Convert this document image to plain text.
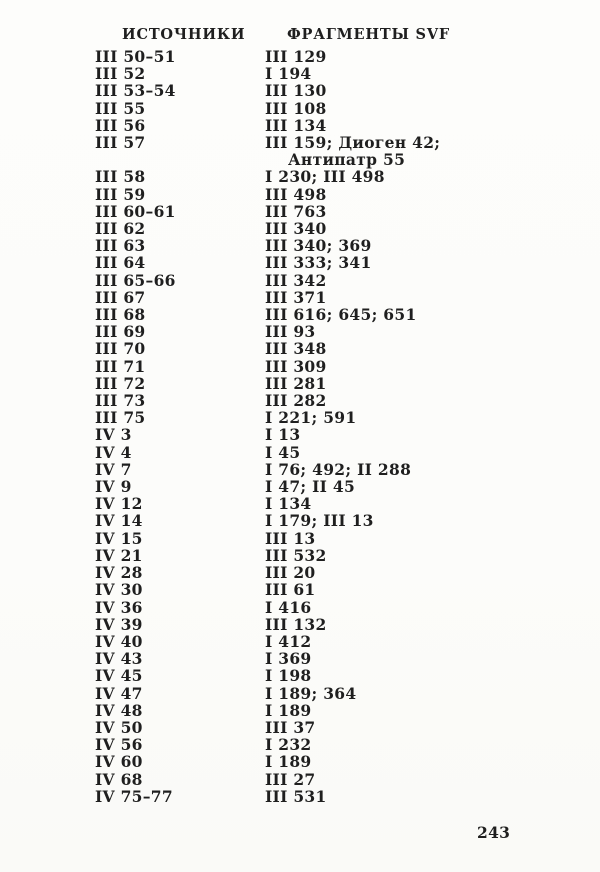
ИСТОЧНИКИ	ФРАГМЕНТЫ SVF
III 50–51	III 129
III 52	I 194
III 53–54	III 130
III 55	III 108
III 56	III 134
III 57	III 159; Диоген 42;
Антипатр 55
III 58	I 230; III 498
III 59	III 498
III 60–61	III 763
III 62	III 340
III 63	III 340; 369
III 64	III 333; 341
III 65–66	III 342
III 67	III 371
III 68	III 616; 645; 651
III 69	III 93
III 70	III 348
III 71	III 309
III 72	III 281
III 73	III 282
III 75	I 221; 591
IV 3	I 13
IV 4	I 45
IV 7	I 76; 492; II 288
IV 9	I 47; II 45
IV 12	I 134
IV 14	I 179; III 13
IV 15	III 13
IV 21	III 532
IV 28	III 20
IV 30	III 61
IV 36	I 416
IV 39	III 132
IV 40	I 412
IV 43	I 369
IV 45	I 198
IV 47	I 189; 364
IV 48	I 189
IV 50	III 37
IV 56	I 232
IV 60	I 189
IV 68	III 27
IV 75–77	III 531
243
